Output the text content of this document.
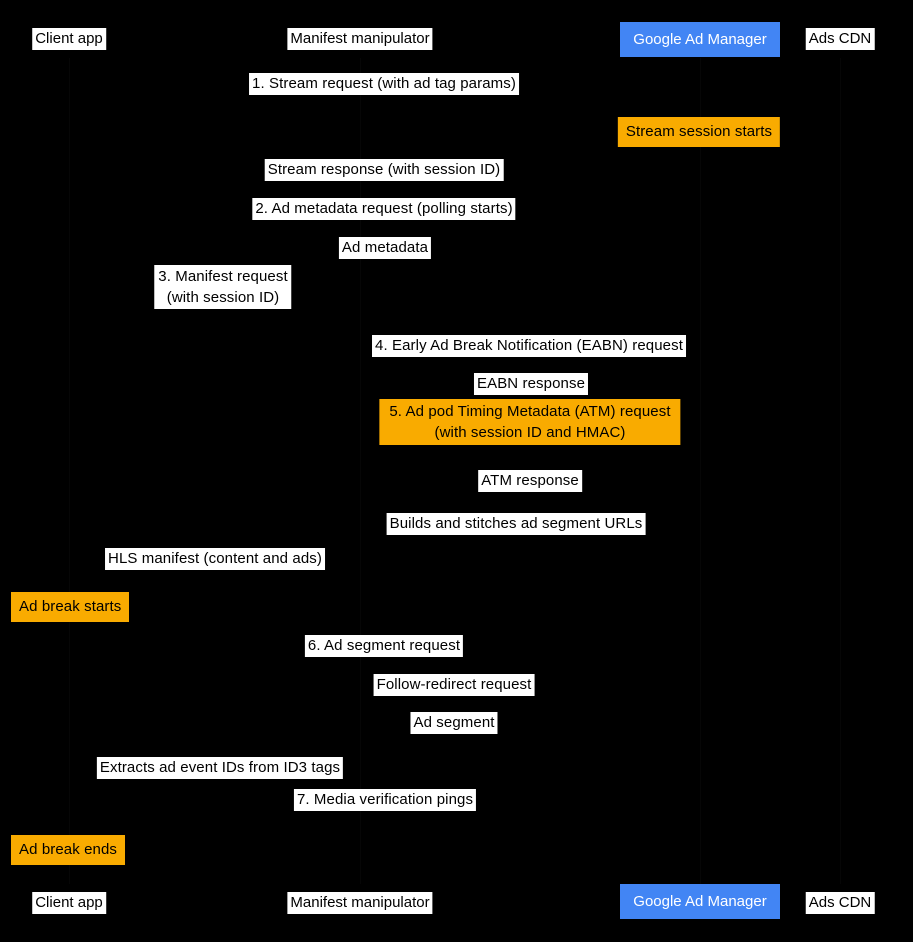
Client app	Manifest manipulator	Google Ad Manager	Ads CDN
Client app	Manifest manipulator	Google Ad Manager	Ads CDN
1. Stream request (with ad tag params)
Stream session starts
Stream response (with session ID)
2. Ad metadata request (polling starts)
Ad metadata
3. Manifest request
(with session ID)
4. Early Ad Break Notification (EABN) request
EABN response
5. Ad pod Timing Metadata (ATM) request
(with session ID and HMAC)
ATM response
Builds and stitches ad segment URLs
HLS manifest (content and ads)
Ad break starts
6. Ad segment request
Follow-redirect request
Ad segment
Extracts ad event IDs from ID3 tags
7. Media verification pings
Ad break ends
